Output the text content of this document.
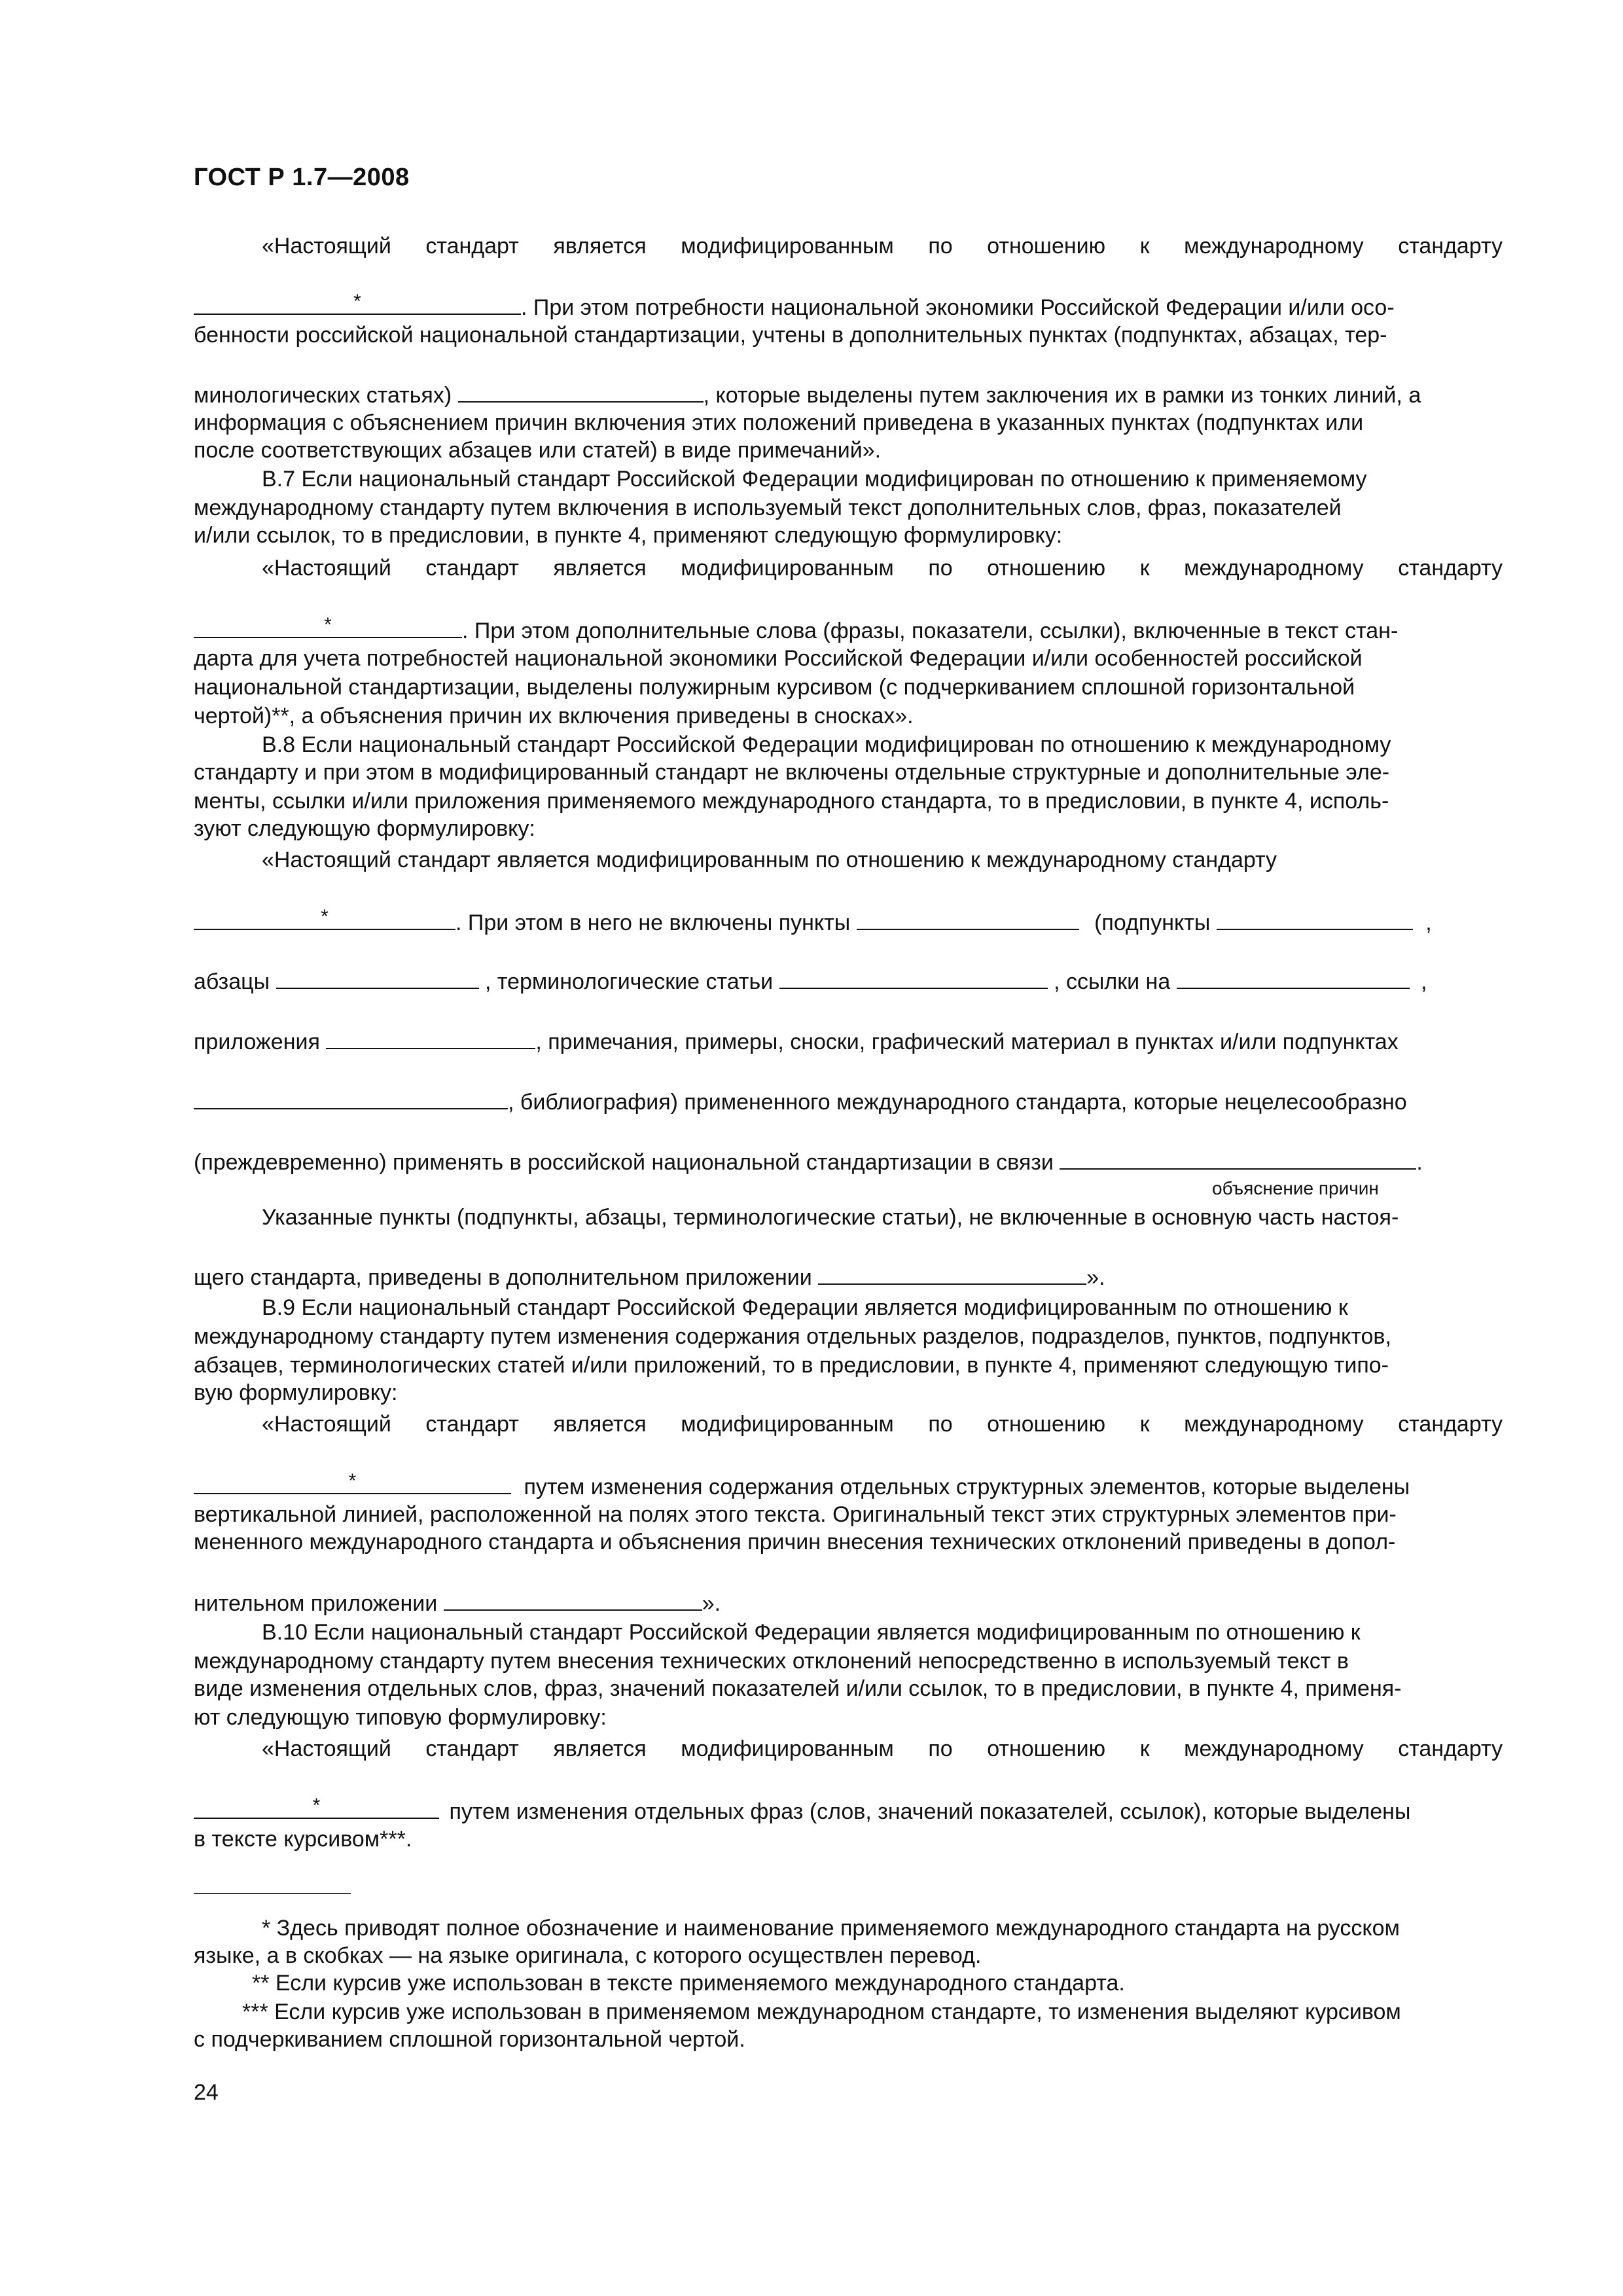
ГОСТ Р 1.7—2008
«Настоящий стандарт является модифицированным по отношению к международному стандарту
*	. При этом потребности национальной экономики Российской Федерации и/или осо-
бенности российской национальной стандартизации, учтены в дополнительных пунктах (подпунктах, абзацах, тер-
минологических статьях)	, которые выделены путем заключения их в рамки из тонких линий, а
информация с объяснением причин включения этих положений приведена в указанных пунктах (подпунктах или
после соответствующих абзацев или статей) в виде примечаний».
В.7 Если национальный стандарт Российской Федерации модифицирован по отношению к применяемому
международному стандарту путем включения в используемый текст дополнительных слов, фраз, показателей
и/или ссылок, то в предисловии, в пункте 4, применяют следующую формулировку:
«Настоящий стандарт является модифицированным по отношению к международному стандарту
*	. При этом дополнительные слова (фразы, показатели, ссылки), включенные в текст стан-
дарта для учета потребностей национальной экономики Российской Федерации и/или особенностей российской
национальной стандартизации, выделены полужирным курсивом (с подчеркиванием сплошной горизонтальной
чертой)**, а объяснения причин их включения приведены в сносках».
В.8 Если национальный стандарт Российской Федерации модифицирован по отношению к международному
стандарту и при этом в модифицированный стандарт не включены отдельные структурные и дополнительные эле-
менты, ссылки и/или приложения применяемого международного стандарта, то в предисловии, в пункте 4, исполь-
зуют следующую формулировку:
«Настоящий стандарт является модифицированным по отношению к международному стандарту
*	. При этом в него не включены пункты	(подпункты	,
абзацы	, терминологические статьи	, ссылки на	,
приложения	, примечания, примеры, сноски, графический материал в пунктах и/или подпунктах
, библиография) примененного международного стандарта, которые нецелесообразно
(преждевременно) применять в российской национальной стандартизации в связи	.
объяснение причин
Указанные пункты (подпункты, абзацы, терминологические статьи), не включенные в основную часть настоя-
щего стандарта, приведены в дополнительном приложении	».
В.9 Если национальный стандарт Российской Федерации является модифицированным по отношению к
международному стандарту путем изменения содержания отдельных разделов, подразделов, пунктов, подпунктов,
абзацев, терминологических статей и/или приложений, то в предисловии, в пункте 4, применяют следующую типо-
вую формулировку:
«Настоящий стандарт является модифицированным по отношению к международному стандарту
*	путем изменения содержания отдельных структурных элементов, которые выделены
вертикальной линией, расположенной на полях этого текста. Оригинальный текст этих структурных элементов при-
мененного международного стандарта и объяснения причин внесения технических отклонений приведены в допол-
нительном приложении	».
В.10 Если национальный стандарт Российской Федерации является модифицированным по отношению к
международному стандарту путем внесения технических отклонений непосредственно в используемый текст в
виде изменения отдельных слов, фраз, значений показателей и/или ссылок, то в предисловии, в пункте 4, применя-
ют следующую типовую формулировку:
«Настоящий стандарт является модифицированным по отношению к международному стандарту
*	путем изменения отдельных фраз (слов, значений показателей, ссылок), которые выделены
в тексте курсивом***.
* Здесь приводят полное обозначение и наименование применяемого международного стандарта на русском
языке, а в скобках — на языке оригинала, с которого осуществлен перевод.
** Если курсив уже использован в тексте применяемого международного стандарта.
*** Если курсив уже использован в применяемом международном стандарте, то изменения выделяют курсивом
с подчеркиванием сплошной горизонтальной чертой.
24
